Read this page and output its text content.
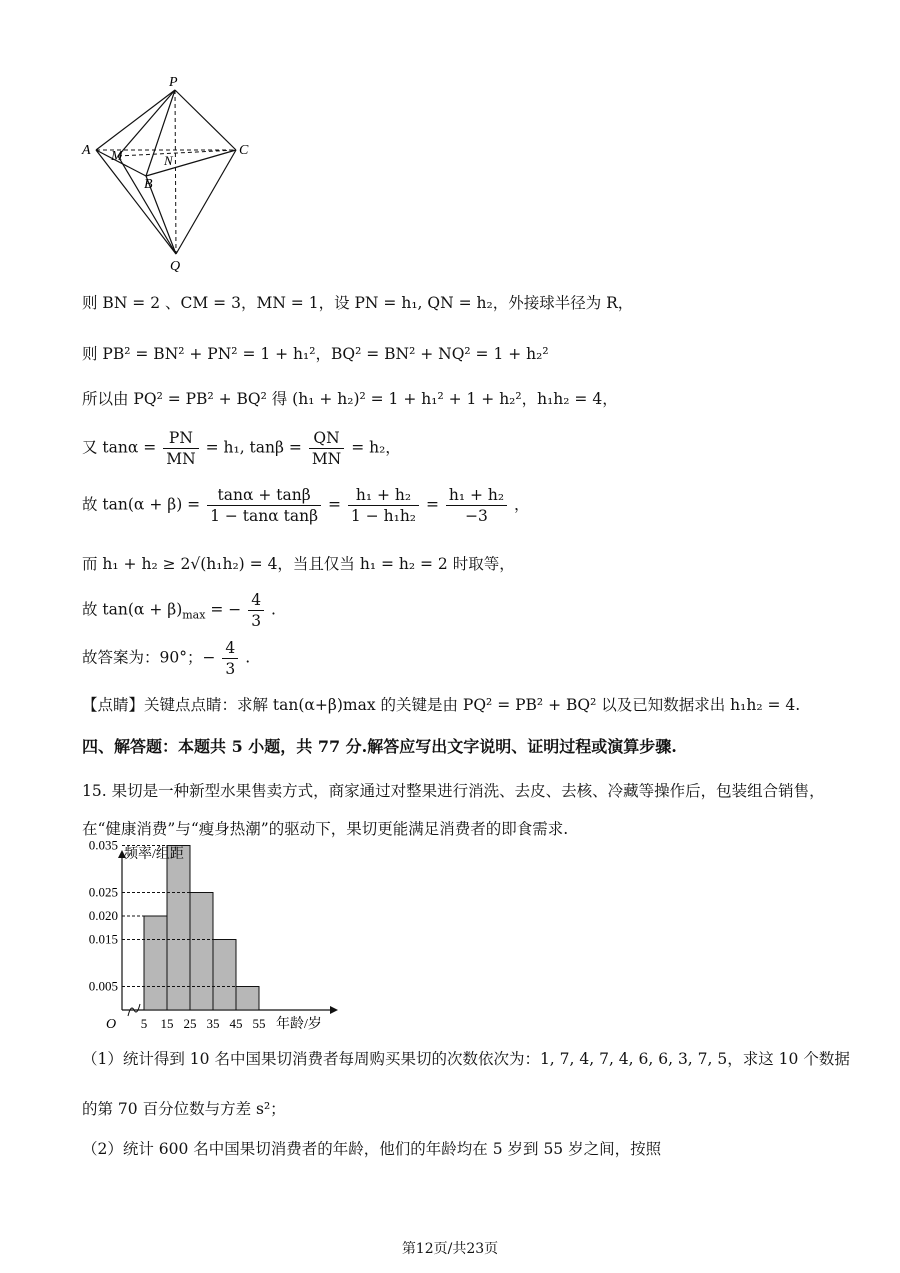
P
A M	N
C
B
Q
则 BN = 2 、CM = 3，MN = 1，设 PN = h₁, QN = h₂，外接球半径为 R，
则 PB² = BN² + PN² = 1 + h₁²，BQ² = BN² + NQ² = 1 + h₂²
所以由 PQ² = PB² + BQ² 得 (h₁ + h₂)² = 1 + h₁² + 1 + h₂²，h₁h₂ = 4，
又 $\tan\alpha = \frac{PN}{MN} = h_1$, $\tan\beta = \frac{QN}{MN} = h_2$，
故 $\tan(\alpha + \beta) = \frac{\tan\alpha + \tan\beta}{\text{1 − tanα tanβ}} = \frac{\text{h₁ + h₂}}{\text{1 − h₁h₂}} = \frac{\text{h₁ + h₂}}{-3}$ ，
而 h₁ + h₂ ≥ 2√(h₁h₂) = 4，当且仅当 h₁ = h₂ = 2 时取等，
故 $\tan(\alpha + \beta)_{max}$ = − $\frac{4}{3}$ .
故答案为：90°；− $\frac{4}{3}$ .
【点睛】关键点点睛：求解 tan(α+β)max 的关键是由 PQ² = PB² + BQ² 以及已知数据求出 h₁h₂ = 4.
四、解答题：本题共 5 小题，共 77 分.解答应写出文字说明、证明过程或演算步骤.
15. 果切是一种新型水果售卖方式，商家通过对整果进行消洗、去皮、去核、冷藏等操作后，包装组合销售，
在“健康消费”与“瘦身热潮”的驱动下，果切更能满足消费者的即食需求.
0.035
0.025
0.020
0.015
0.005
5 15 25 35 45 55
O
频率/组距
年龄/岁
（1）统计得到 10 名中国果切消费者每周购买果切的次数依次为：1, 7, 4, 7, 4, 6, 6, 3, 7, 5，求这 10 个数据
的第 70 百分位数与方差 s²；
（2）统计 600 名中国果切消费者的年龄，他们的年龄均在 5 岁到 55 岁之间，按照
第12页/共23页
